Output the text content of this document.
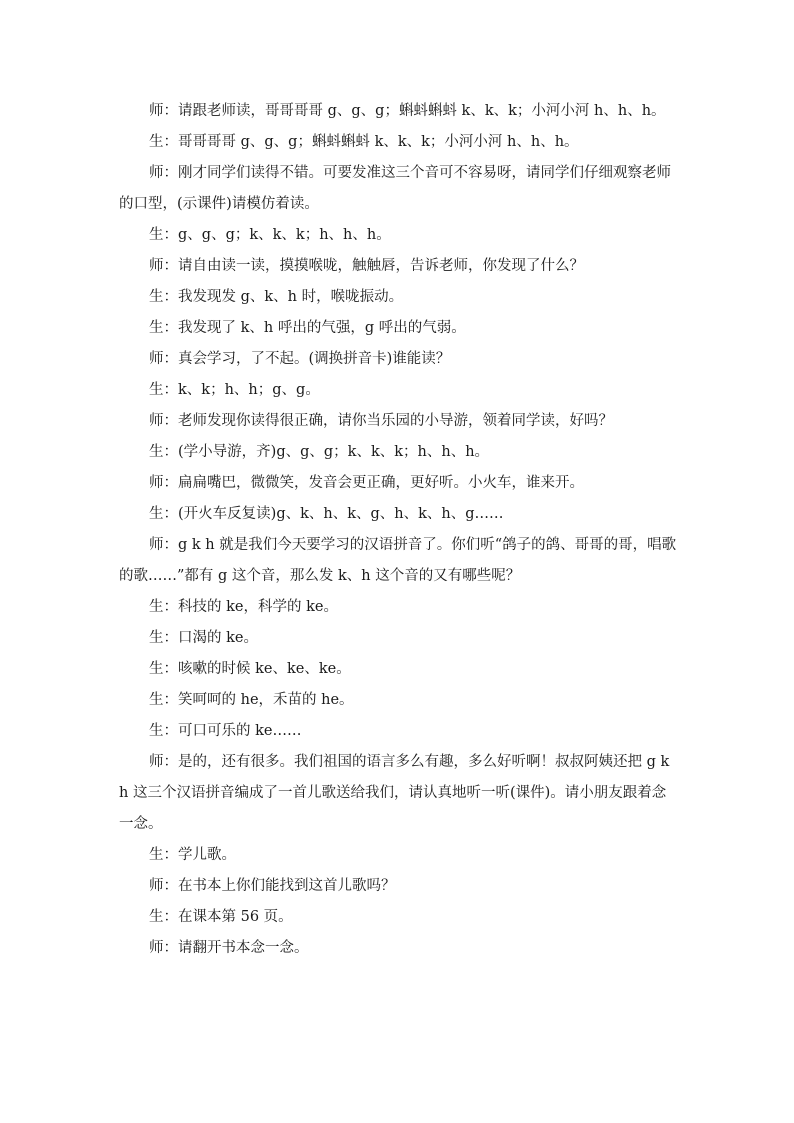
师：请跟老师读，哥哥哥哥 g、g、g；蝌蚪蝌蚪 k、k、k；小河小河 h、h、h。

生：哥哥哥哥 g、g、g；蝌蚪蝌蚪 k、k、k；小河小河 h、h、h。

师：刚才同学们读得不错。可要发准这三个音可不容易呀，请同学们仔细观察老师的口型，(示课件)请模仿着读。

生：g、g、g；k、k、k；h、h、h。

师：请自由读一读，摸摸喉咙，触触唇，告诉老师，你发现了什么？

生：我发现发 g、k、h 时，喉咙振动。

生：我发现了 k、h 呼出的气强，g 呼出的气弱。

师：真会学习，了不起。(调换拼音卡)谁能读？

生：k、k；h、h；g、g。

师：老师发现你读得很正确，请你当乐园的小导游，领着同学读，好吗？

生：(学小导游，齐)g、g、g；k、k、k；h、h、h。

师：扁扁嘴巴，微微笑，发音会更正确，更好听。小火车，谁来开。

生：(开火车反复读)g、k、h、k、g、h、k、h、g……

师：g k h 就是我们今天要学习的汉语拼音了。你们听“鸽子的鸽、哥哥的哥，唱歌的歌……”都有 g 这个音，那么发 k、h 这个音的又有哪些呢？

生：科技的 ke，科学的 ke。

生：口渴的 ke。

生：咳嗽的时候 ke、ke、ke。

生：笑呵呵的 he，禾苗的 he。

生：可口可乐的 ke……

师：是的，还有很多。我们祖国的语言多么有趣，多么好听啊！叔叔阿姨还把 g k h 这三个汉语拼音编成了一首儿歌送给我们，请认真地听一听(课件)。请小朋友跟着念一念。

生：学儿歌。

师：在书本上你们能找到这首儿歌吗？

生：在课本第 56 页。

师：请翻开书本念一念。
